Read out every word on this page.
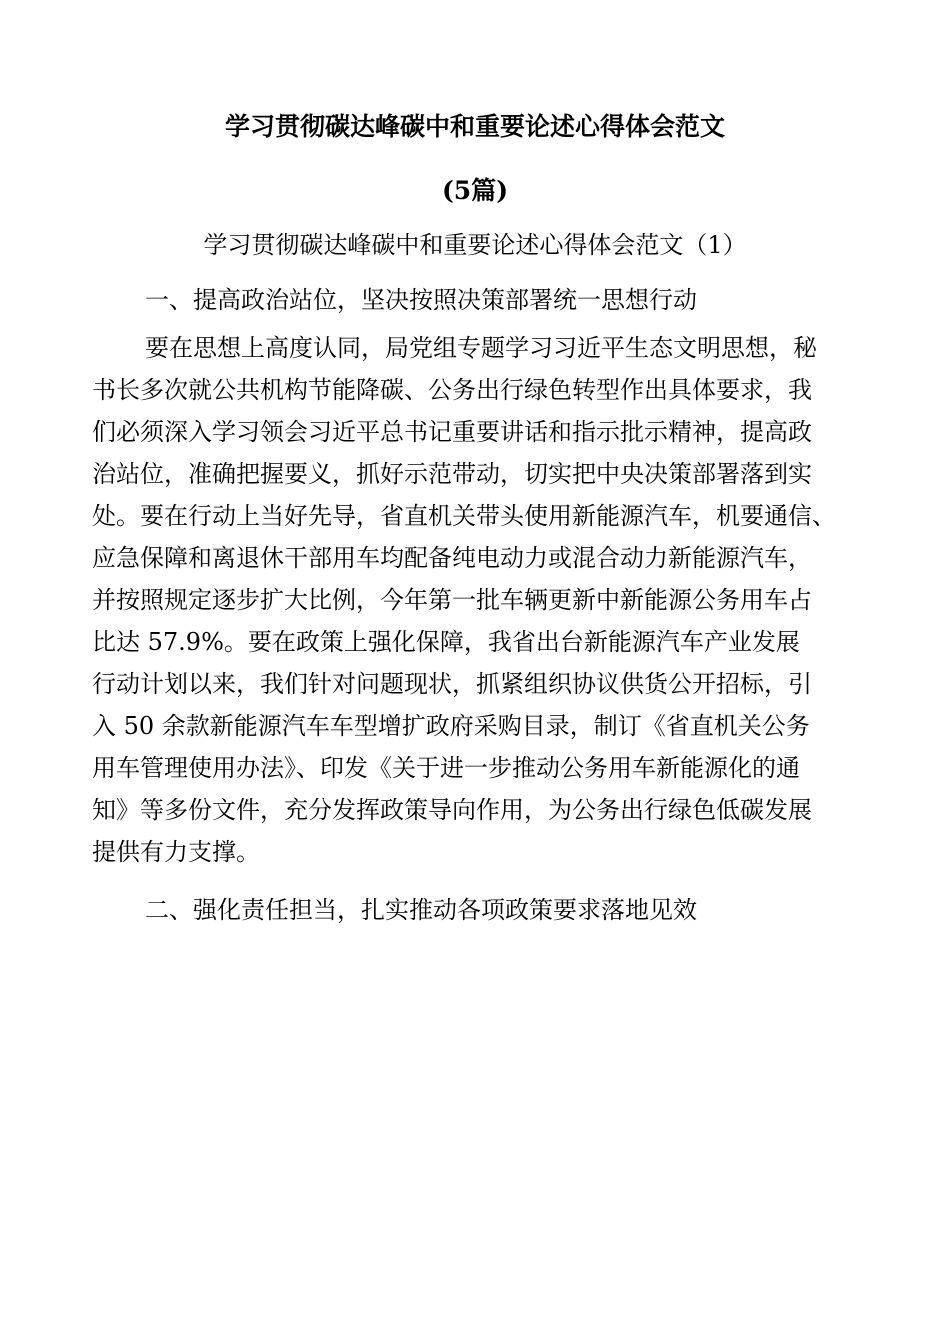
学习贯彻碳达峰碳中和重要论述心得体会范文
(5篇)

学习贯彻碳达峰碳中和重要论述心得体会范文（1）

一、提高政治站位，坚决按照决策部署统一思想行动

要在思想上高度认同，局党组专题学习习近平生态文明思想，秘
书长多次就公共机构节能降碳、公务出行绿色转型作出具体要求，我
们必须深入学习领会习近平总书记重要讲话和指示批示精神，提高政
治站位，准确把握要义，抓好示范带动，切实把中央决策部署落到实
处。要在行动上当好先导，省直机关带头使用新能源汽车，机要通信、
应急保障和离退休干部用车均配备纯电动力或混合动力新能源汽车，
并按照规定逐步扩大比例，今年第一批车辆更新中新能源公务用车占
比达 57.9%。要在政策上强化保障，我省出台新能源汽车产业发展
行动计划以来，我们针对问题现状，抓紧组织协议供货公开招标，引
入 50 余款新能源汽车车型增扩政府采购目录，制订《省直机关公务
用车管理使用办法》、印发《关于进一步推动公务用车新能源化的通
知》等多份文件，充分发挥政策导向作用，为公务出行绿色低碳发展
提供有力支撑。

二、强化责任担当，扎实推动各项政策要求落地见效
